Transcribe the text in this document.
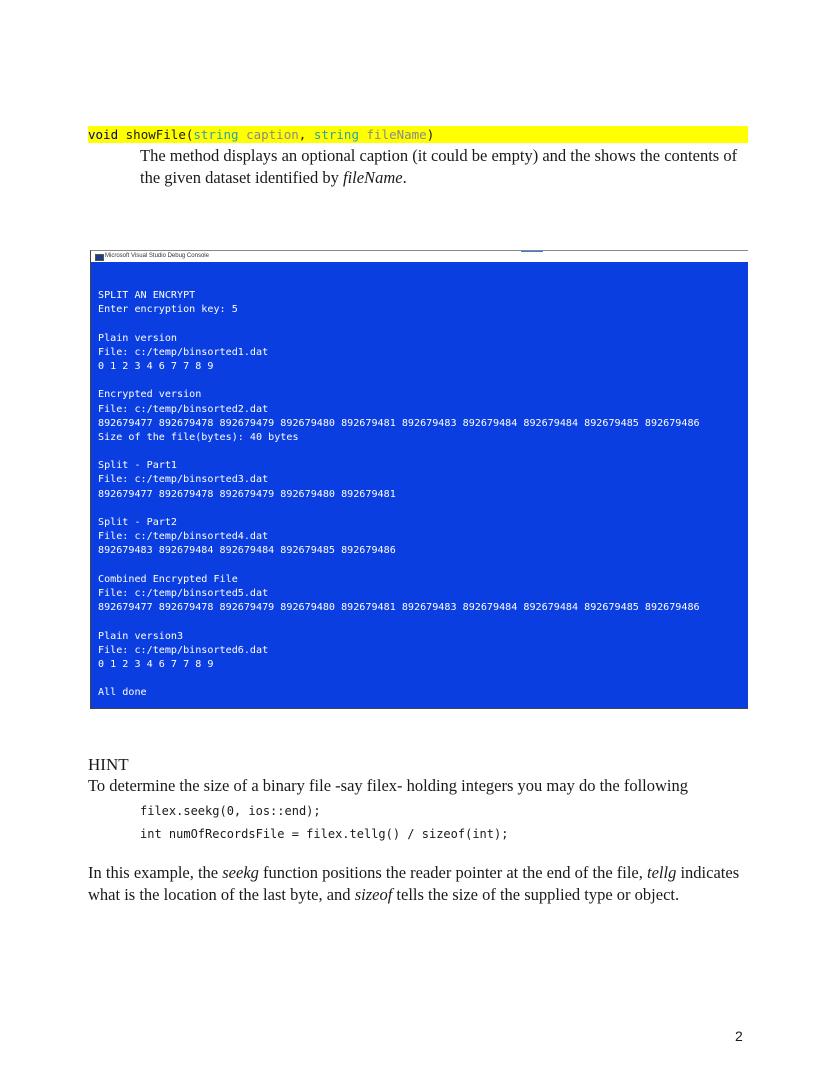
void showFile(string caption, string fileName)
The method displays an optional caption (it could be empty) and the shows the contents of the given dataset identified by fileName.
Microsoft Visual Studio Debug Console
SPLIT AN ENCRYPT
Enter encryption key: 5
Plain version
File: c:/temp/binsorted1.dat
0 1 2 3 4 6 7 7 8 9
Encrypted version
File: c:/temp/binsorted2.dat
892679477 892679478 892679479 892679480 892679481 892679483 892679484 892679484 892679485 892679486
Size of the file(bytes): 40 bytes
Split - Part1
File: c:/temp/binsorted3.dat
892679477 892679478 892679479 892679480 892679481
Split - Part2
File: c:/temp/binsorted4.dat
892679483 892679484 892679484 892679485 892679486
Combined Encrypted File
File: c:/temp/binsorted5.dat
892679477 892679478 892679479 892679480 892679481 892679483 892679484 892679484 892679485 892679486
Plain version3
File: c:/temp/binsorted6.dat
0 1 2 3 4 6 7 7 8 9
All done
HINT
To determine the size of a binary file -say filex- holding integers you may do the following
filex.seekg(0, ios::end);
int numOfRecordsFile = filex.tellg() / sizeof(int);
In this example, the seekg function positions the reader pointer at the end of the file, tellg indicates what is the location of the last byte, and sizeof tells the size of the supplied type or object.
2
